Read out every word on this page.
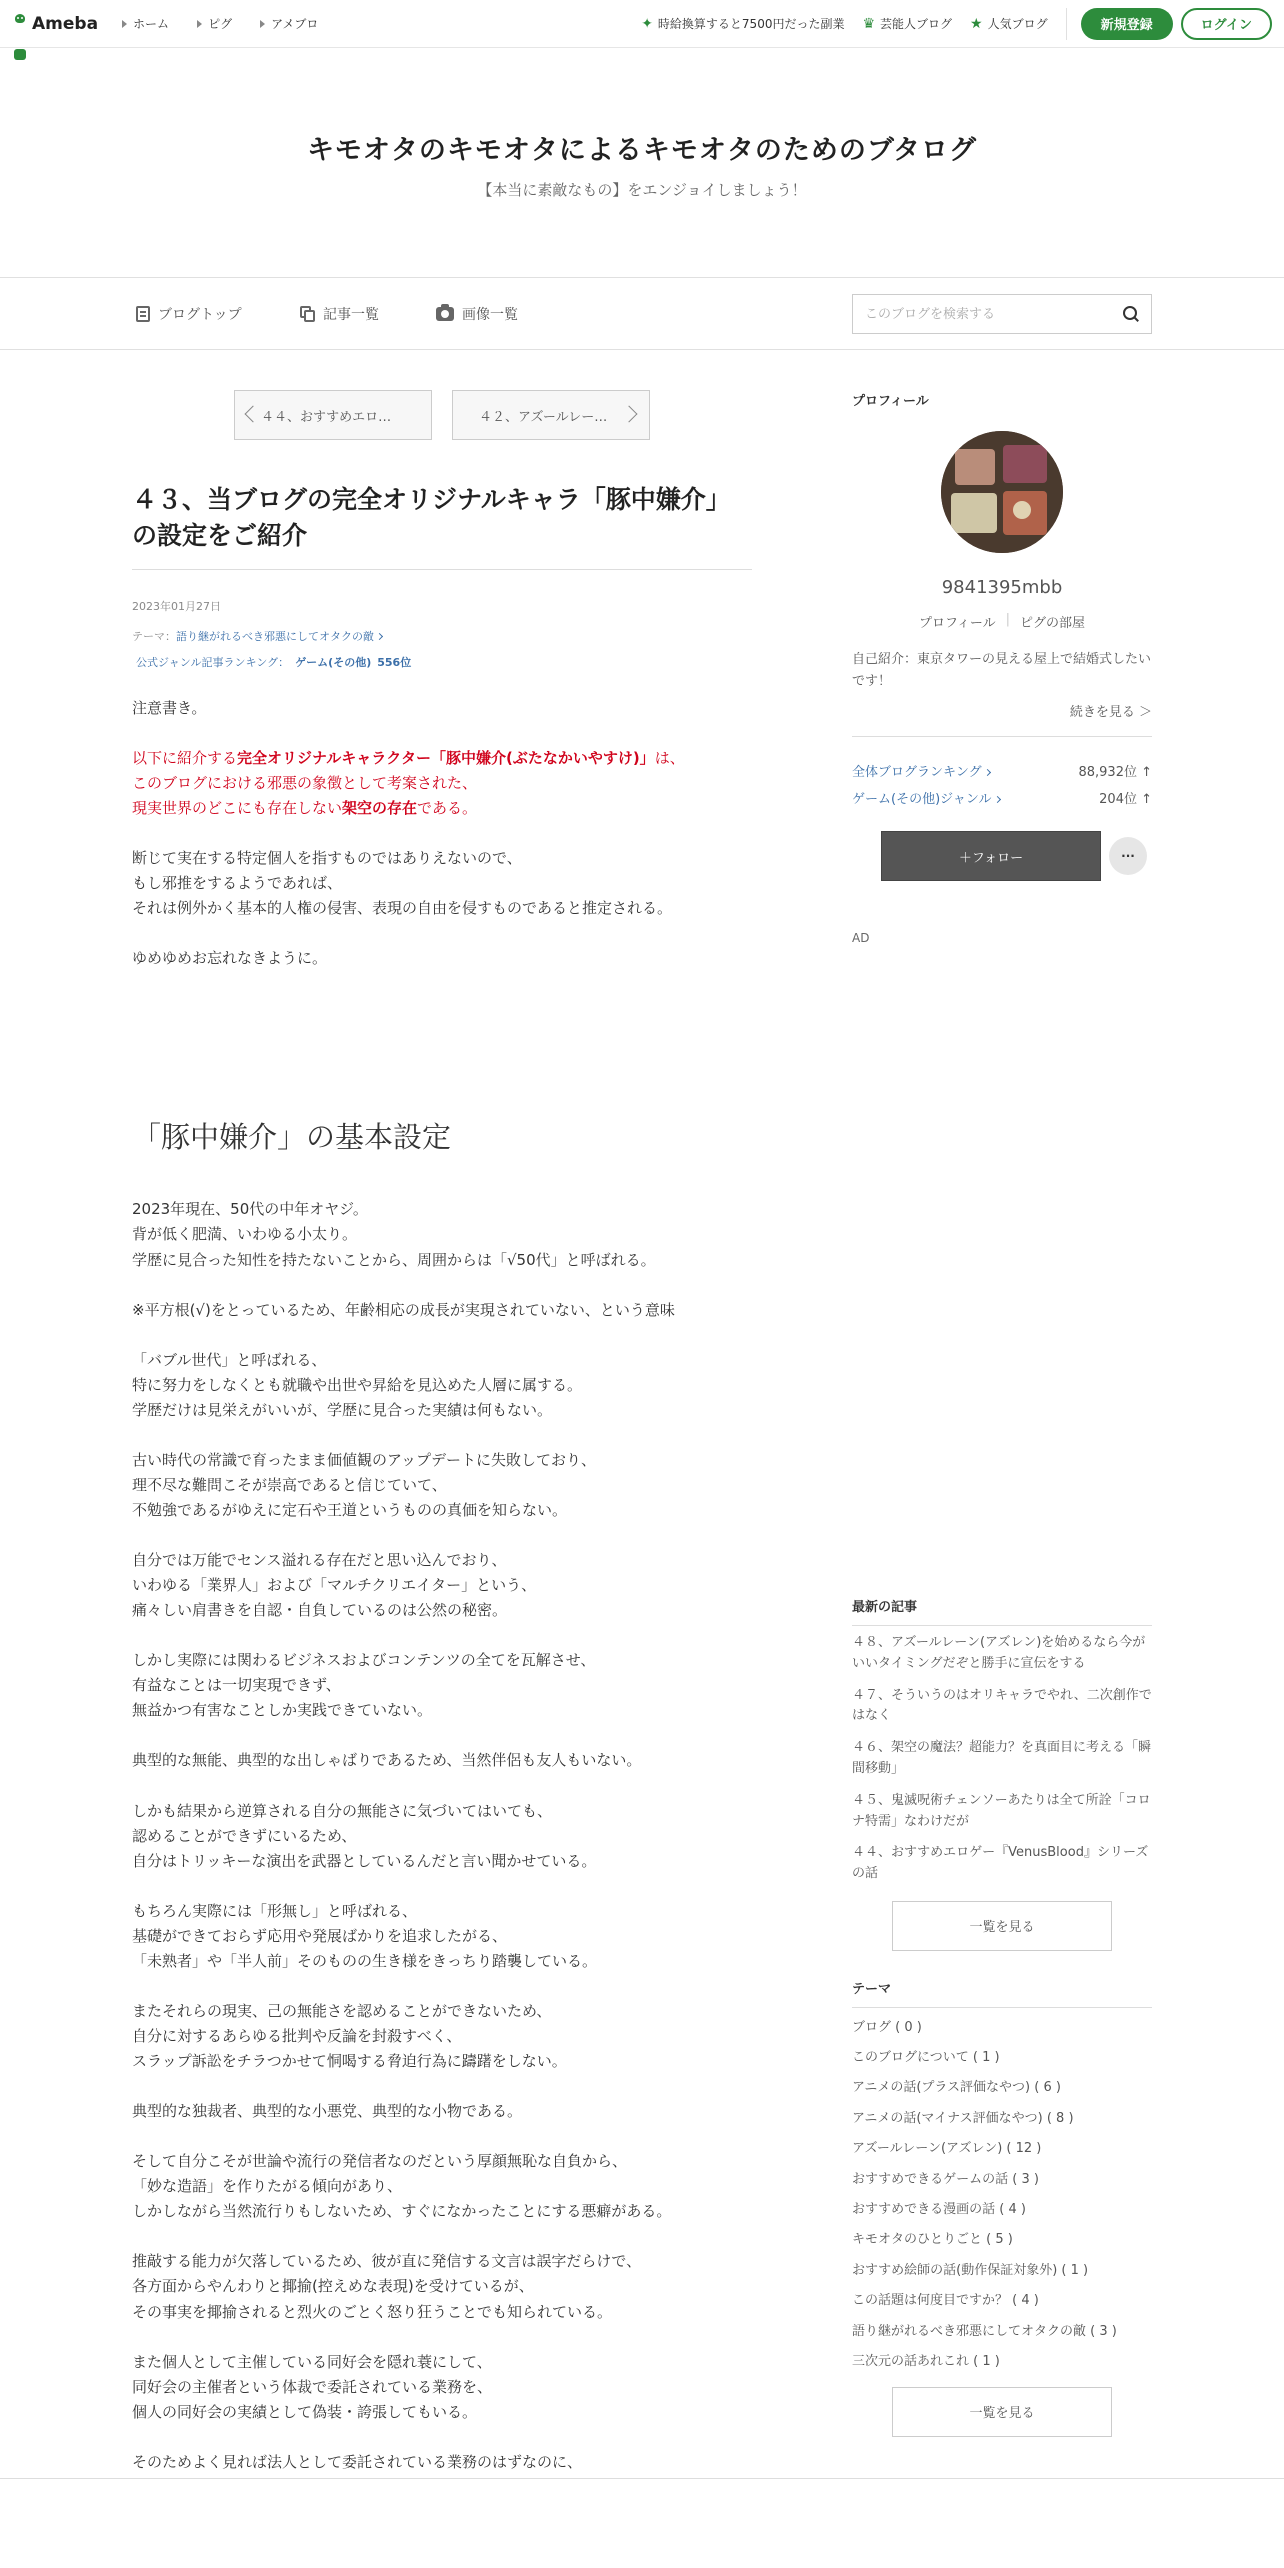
Ameba	ホーム	ピグ	アメブロ	✦ 時給換算すると7500円だった副業 ♛ 芸能人ブログ ★ 人気ブログ	新規登録	ログイン
キモオタのキモオタによるキモオタのためのブタログ

【本当に素敵なもの】をエンジョイしましょう！

ブログトップ	記事一覧	画像一覧
このブログを検索する
４４、おすすめエロ…	４２、アズールレー…
４３、当ブログの完全オリジナルキャラ「豚中嫌介」の設定をご紹介
2023年01月27日
テーマ：語り継がれるべき邪悪にしてオタクの敵
公式ジャンル記事ランキング： ゲーム(その他) 556位

注意書き。

以下に紹介する完全オリジナルキャラクター「豚中嫌介(ぶたなかいやすけ)」は、

このブログにおける邪悪の象徴として考案された、

現実世界のどこにも存在しない架空の存在である。

断じて実在する特定個人を指すものではありえないので、

もし邪推をするようであれば、

それは例外かく基本的人権の侵害、表現の自由を侵すものであると推定される。

ゆめゆめお忘れなきように。

「豚中嫌介」の基本設定

2023年現在、50代の中年オヤジ。

背が低く肥満、いわゆる小太り。

学歴に見合った知性を持たないことから、周囲からは「√50代」と呼ばれる。

※平方根(√)をとっているため、年齢相応の成長が実現されていない、という意味

「バブル世代」と呼ばれる、

特に努力をしなくとも就職や出世や昇給を見込めた人層に属する。

学歴だけは見栄えがいいが、学歴に見合った実績は何もない。

古い時代の常識で育ったまま価値観のアップデートに失敗しており、

理不尽な難問こそが崇高であると信じていて、

不勉強であるがゆえに定石や王道というものの真価を知らない。

自分では万能でセンス溢れる存在だと思い込んでおり、

いわゆる「業界人」および「マルチクリエイター」という、

痛々しい肩書きを自認・自負しているのは公然の秘密。

しかし実際には関わるビジネスおよびコンテンツの全てを瓦解させ、

有益なことは一切実現できず、

無益かつ有害なことしか実践できていない。

典型的な無能、典型的な出しゃばりであるため、当然伴侶も友人もいない。

しかも結果から逆算される自分の無能さに気づいてはいても、

認めることができずにいるため、

自分はトリッキーな演出を武器としているんだと言い聞かせている。

もちろん実際には「形無し」と呼ばれる、

基礎ができておらず応用や発展ばかりを追求したがる、

「未熟者」や「半人前」そのものの生き様をきっちり踏襲している。

またそれらの現実、己の無能さを認めることができないため、

自分に対するあらゆる批判や反論を封殺すべく、

スラップ訴訟をチラつかせて恫喝する脅迫行為に躊躇をしない。

典型的な独裁者、典型的な小悪党、典型的な小物である。

そして自分こそが世論や流行の発信者なのだという厚顔無恥な自負から、

「妙な造語」を作りたがる傾向があり、

しかしながら当然流行りもしないため、すぐになかったことにする悪癖がある。

推敲する能力が欠落しているため、彼が直に発信する文言は誤字だらけで、

各方面からやんわりと揶揄(控えめな表現)を受けているが、

その事実を揶揄されると烈火のごとく怒り狂うことでも知られている。

また個人として主催している同好会を隠れ蓑にして、

同好会の主催者という体裁で委託されている業務を、

個人の同好会の実績として偽装・誇張してもいる。

そのためよく見れば法人として委託されている業務のはずなのに、

プロフィール
9841395mbb
プロフィール | ピグの部屋
自己紹介：東京タワーの見える屋上で結婚式したいです！
続きを見る ＞
全体ブログランキング	88,932位 ↑
ゲーム(その他)ジャンル	204位 ↑
＋フォロー	···
AD
最新の記事
４８、アズールレーン(アズレン)を始めるなら今がいいタイミングだぞと勝手に宣伝をする
４７、そういうのはオリキャラでやれ、二次創作ではなく
４６、架空の魔法？超能力？を真面目に考える「瞬間移動」
４５、鬼滅呪術チェンソーあたりは全て所詮「コロナ特需」なわけだが
４４、おすすめエロゲー『VenusBlood』シリーズの話
一覧を見る
テーマ
ブログ ( 0 )
このブログについて ( 1 )
アニメの話(プラス評価なやつ) ( 6 )
アニメの話(マイナス評価なやつ) ( 8 )
アズールレーン(アズレン) ( 12 )
おすすめできるゲームの話 ( 3 )
おすすめできる漫画の話 ( 4 )
キモオタのひとりごと ( 5 )
おすすめ絵師の話(動作保証対象外) ( 1 )
この話題は何度目ですか？ ( 4 )
語り継がれるべき邪悪にしてオタクの敵 ( 3 )
三次元の話あれこれ ( 1 )
一覧を見る
